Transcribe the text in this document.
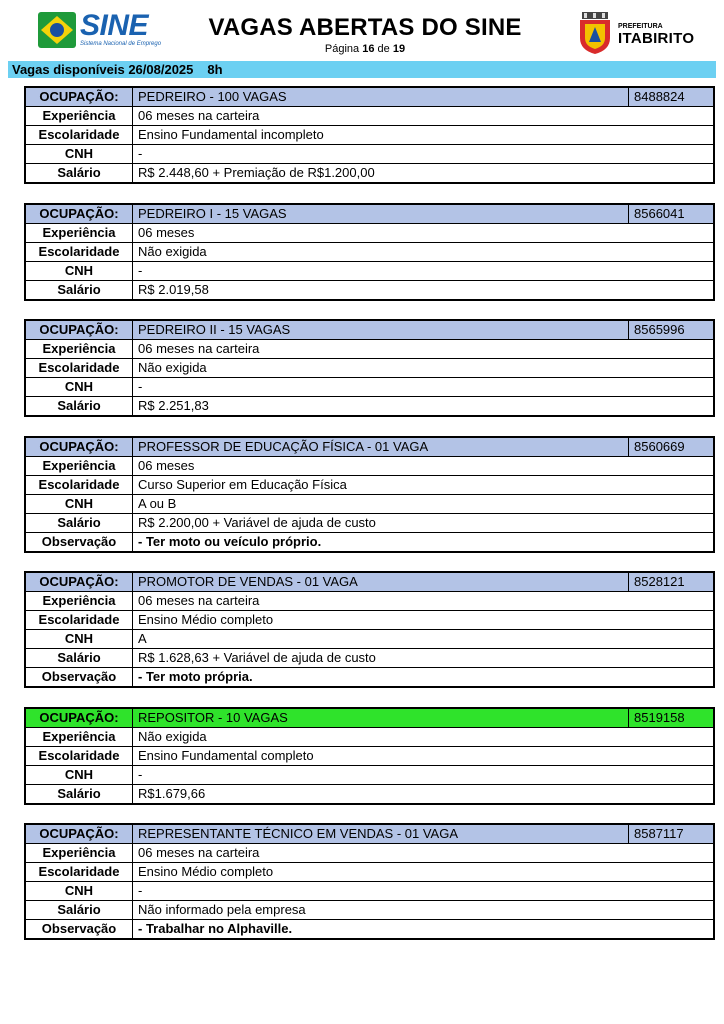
SINE
Sistema Nacional de Emprego
VAGAS ABERTAS DO SINE
Página 16 de 19
PREFEITURA
ITABIRITO
Vagas disponíveis 26/08/2025 8h
OCUPAÇÃO:	PEDREIRO - 100 VAGAS	8488824
Experiência	06 meses na carteira	
Escolaridade	Ensino Fundamental incompleto	
CNH	-	
Salário	R$ 2.448,60 + Premiação de R$1.200,00	
OCUPAÇÃO:	PEDREIRO I - 15 VAGAS	8566041
Experiência	06 meses	
Escolaridade	Não exigida	
CNH	-	
Salário	R$ 2.019,58	
OCUPAÇÃO:	PEDREIRO II - 15 VAGAS	8565996
Experiência	06 meses na carteira	
Escolaridade	Não exigida	
CNH	-	
Salário	R$ 2.251,83	
OCUPAÇÃO:	PROFESSOR DE EDUCAÇÃO FÍSICA - 01 VAGA	8560669
Experiência	06 meses	
Escolaridade	Curso Superior em Educação Física	
CNH	A ou B	
Salário	R$ 2.200,00 + Variável de ajuda de custo	
Observação	- Ter moto ou veículo próprio.	
OCUPAÇÃO:	PROMOTOR DE VENDAS - 01 VAGA	8528121
Experiência	06 meses na carteira	
Escolaridade	Ensino Médio completo	
CNH	A	
Salário	R$ 1.628,63 + Variável de ajuda de custo	
Observação	- Ter moto própria.	
OCUPAÇÃO:	REPOSITOR - 10 VAGAS	8519158
Experiência	Não exigida	
Escolaridade	Ensino Fundamental completo	
CNH	-	
Salário	R$1.679,66	
OCUPAÇÃO:	REPRESENTANTE TÉCNICO EM VENDAS - 01 VAGA	8587117
Experiência	06 meses na carteira	
Escolaridade	Ensino Médio completo	
CNH	-	
Salário	Não informado pela empresa	
Observação	- Trabalhar no Alphaville.	
